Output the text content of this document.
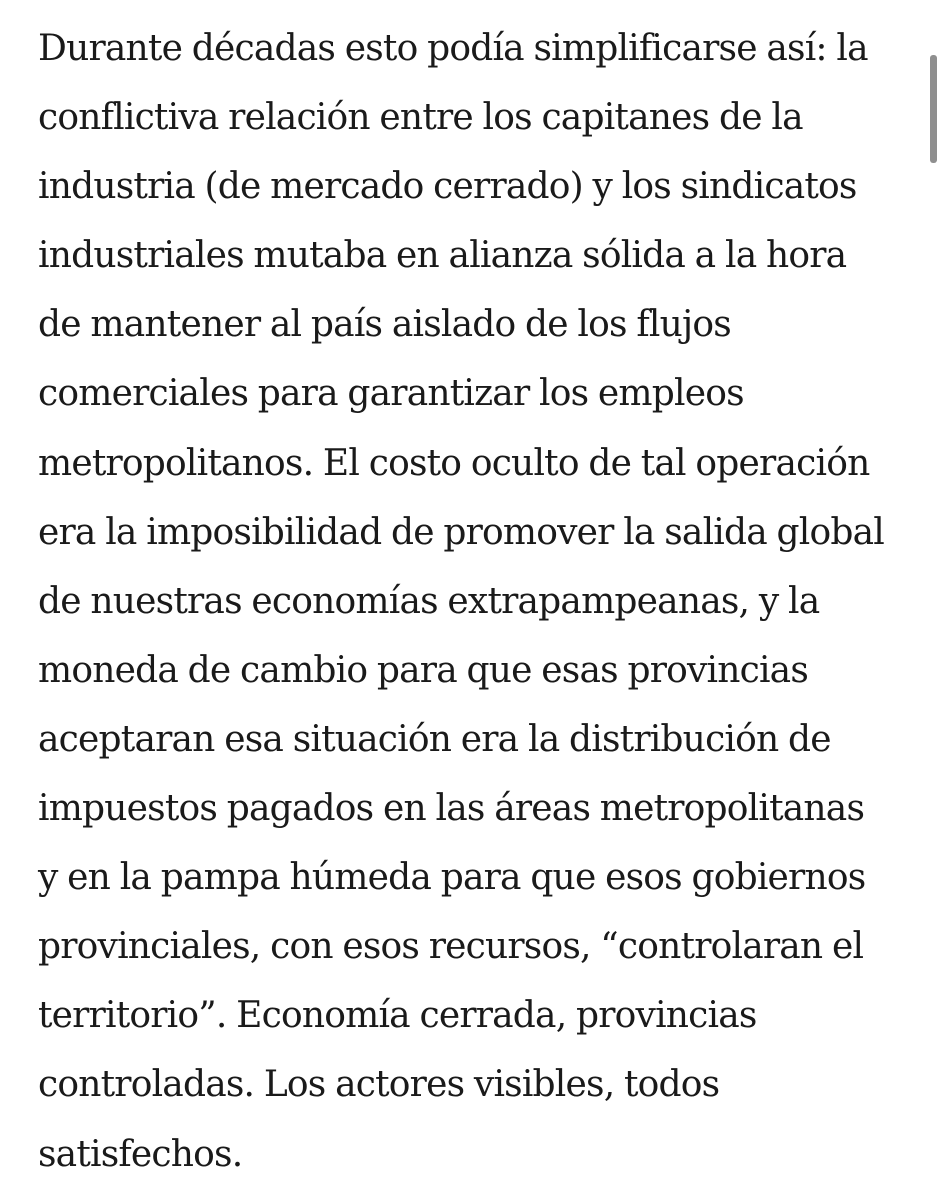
Durante décadas esto podía simplificarse así: la
conflictiva relación entre los capitanes de la
industria (de mercado cerrado) y los sindicatos
industriales mutaba en alianza sólida a la hora
de mantener al país aislado de los flujos
comerciales para garantizar los empleos
metropolitanos. El costo oculto de tal operación
era la imposibilidad de promover la salida global
de nuestras economías extrapampeanas, y la
moneda de cambio para que esas provincias
aceptaran esa situación era la distribución de
impuestos pagados en las áreas metropolitanas
y en la pampa húmeda para que esos gobiernos
provinciales, con esos recursos, “controlaran el
territorio”. Economía cerrada, provincias
controladas. Los actores visibles, todos
satisfechos.
